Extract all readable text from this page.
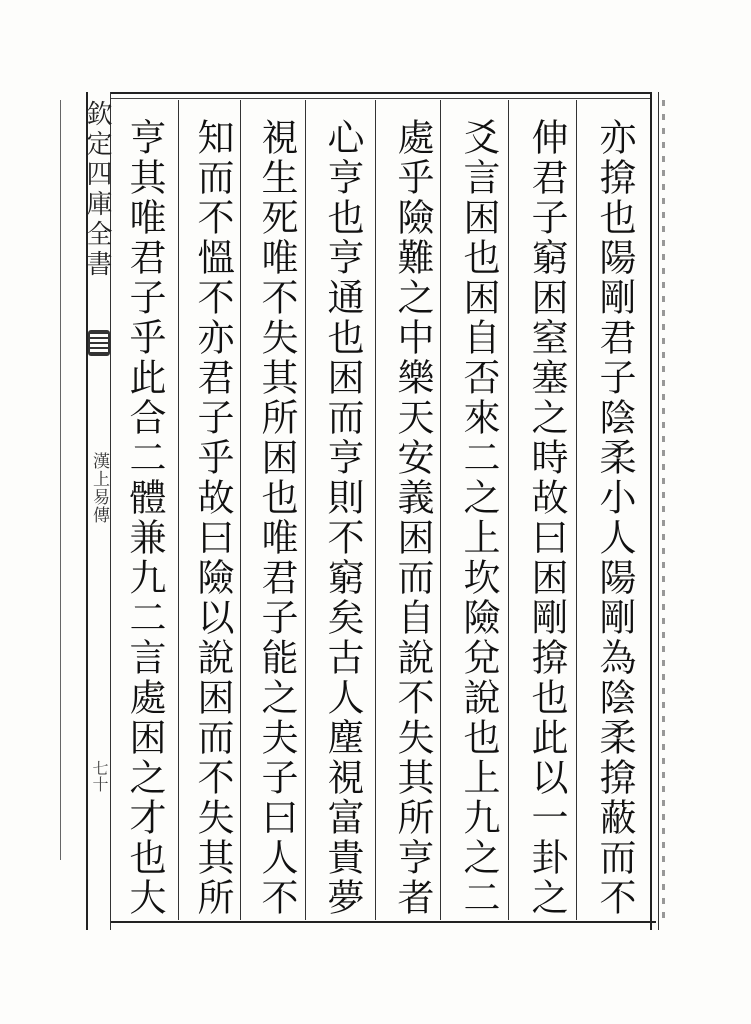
欽定四庫全書
漢上易傳
七十	亦揜也陽剛君子陰柔小人陽剛為陰柔揜蔽而不
伸君子窮困窒塞之時故曰困剛揜也此以一卦之
爻言困也困自否來二之上坎險兌說也上九之二
處乎險難之中樂天安義困而自說不失其所亨者
心亨也亨通也困而亨則不窮矣古人塵視富貴夢
視生死唯不失其所困也唯君子能之夫子曰人不
知而不慍不亦君子乎故曰險以說困而不失其所
亨其唯君子乎此合二體兼九二言處困之才也大
